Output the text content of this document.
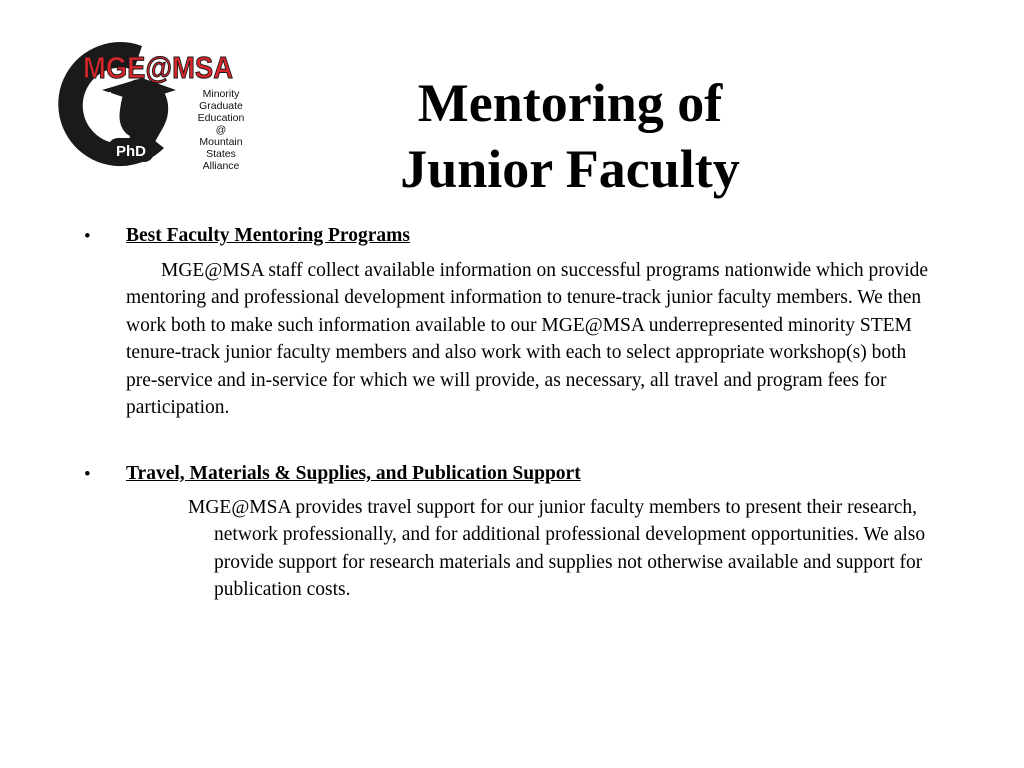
PhD
MGE@MSA
Minority
Graduate
Education
@
Mountain
States
Alliance
Mentoring of
Junior Faculty
• Best Faculty Mentoring Programs

MGE@MSA staff collect available information on successful programs nationwide which provide mentoring and professional development information to tenure-track junior faculty members. We then work both to make such information available to our MGE@MSA underrepresented minority STEM tenure-track junior faculty members and also work with each to select appropriate workshop(s) both pre-service and in-service for which we will provide, as necessary, all travel and program fees for participation.

• Travel, Materials & Supplies, and Publication Support

MGE@MSA provides travel support for our junior faculty members to present their research, network professionally, and for additional professional development opportunities. We also provide support for research materials and supplies not otherwise available and support for publication costs.
